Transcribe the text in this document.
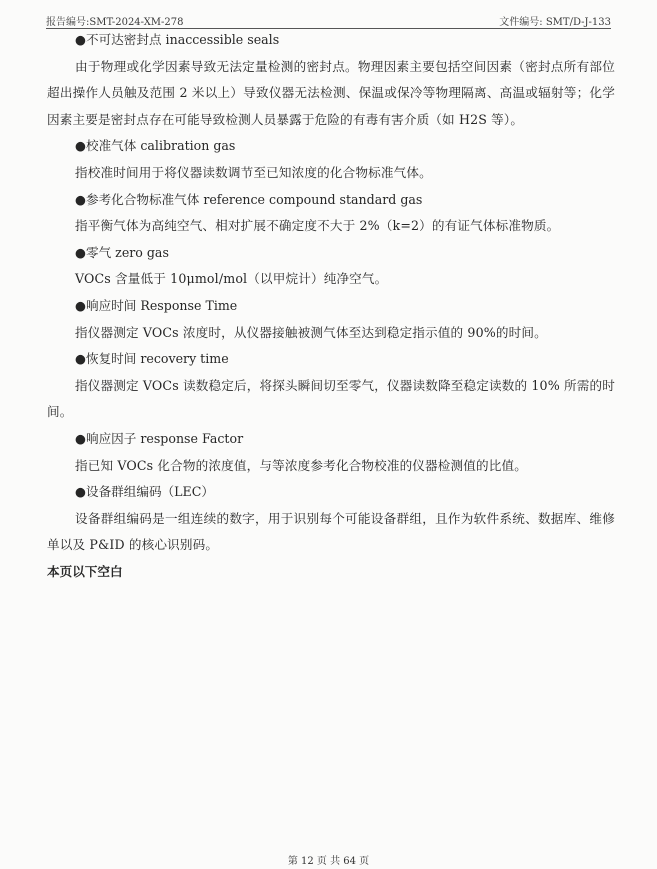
报告编号:SMT-2024-XM-278	文件编号: SMT/D-J-133
●不可达密封点 inaccessible seals
由于物理或化学因素导致无法定量检测的密封点。物理因素主要包括空间因素（密封点所有部位超出操作人员触及范围 2 米以上）导致仪器无法检测、保温或保冷等物理隔离、高温或辐射等；化学因素主要是密封点存在可能导致检测人员暴露于危险的有毒有害介质（如 H2S 等）。
●校准气体 calibration gas
指校准时间用于将仪器读数调节至已知浓度的化合物标准气体。
●参考化合物标准气体 reference compound standard gas
指平衡气体为高纯空气、相对扩展不确定度不大于 2%（k=2）的有证气体标准物质。
●零气 zero gas
VOCs 含量低于 10μmol/mol（以甲烷计）纯净空气。
●响应时间 Response Time
指仪器测定 VOCs 浓度时，从仪器接触被测气体至达到稳定指示值的 90%的时间。
●恢复时间 recovery time
指仪器测定 VOCs 读数稳定后，将探头瞬间切至零气，仪器读数降至稳定读数的 10% 所需的时间。
●响应因子 response Factor
指已知 VOCs 化合物的浓度值，与等浓度参考化合物校准的仪器检测值的比值。
●设备群组编码（LEC）
设备群组编码是一组连续的数字，用于识别每个可能设备群组，且作为软件系统、数据库、维修单以及 P&ID 的核心识别码。
本页以下空白
第 12 页 共 64 页
